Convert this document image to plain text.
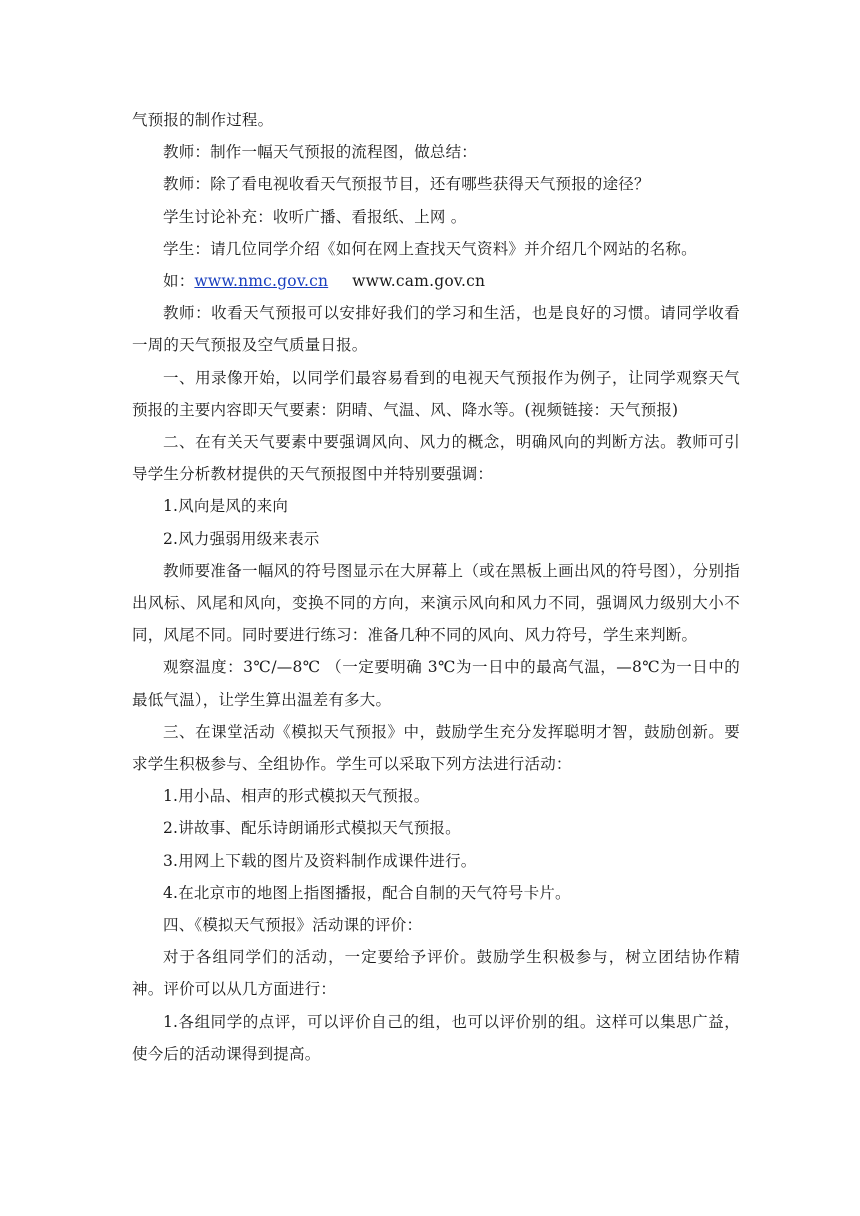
气预报的制作过程。

教师：制作一幅天气预报的流程图，做总结：

教师：除了看电视收看天气预报节目，还有哪些获得天气预报的途径？

学生讨论补充：收听广播、看报纸、上网 。

学生：请几位同学介绍《如何在网上查找天气资料》并介绍几个网站的名称。

如：www.nmc.gov.cn www.cam.gov.cn

教师：收看天气预报可以安排好我们的学习和生活，也是良好的习惯。请同学收看一周的天气预报及空气质量日报。

一、用录像开始，以同学们最容易看到的电视天气预报作为例子，让同学观察天气预报的主要内容即天气要素：阴晴、气温、风、降水等。(视频链接：天气预报)

二、在有关天气要素中要强调风向、风力的概念，明确风向的判断方法。教师可引导学生分析教材提供的天气预报图中并特别要强调：

1.风向是风的来向

2.风力强弱用级来表示

教师要准备一幅风的符号图显示在大屏幕上（或在黑板上画出风的符号图），分别指出风标、风尾和风向，变换不同的方向，来演示风向和风力不同，强调风力级别大小不同，风尾不同。同时要进行练习：准备几种不同的风向、风力符号，学生来判断。

观察温度：3℃/—8℃ （一定要明确 3℃为一日中的最高气温，—8℃为一日中的最低气温），让学生算出温差有多大。

三、在课堂活动《模拟天气预报》中，鼓励学生充分发挥聪明才智，鼓励创新。要求学生积极参与、全组协作。学生可以采取下列方法进行活动：

1.用小品、相声的形式模拟天气预报。

2.讲故事、配乐诗朗诵形式模拟天气预报。

3.用网上下载的图片及资料制作成课件进行。

4.在北京市的地图上指图播报，配合自制的天气符号卡片。

四、《模拟天气预报》活动课的评价：

对于各组同学们的活动，一定要给予评价。鼓励学生积极参与，树立团结协作精神。评价可以从几方面进行：

1.各组同学的点评，可以评价自己的组，也可以评价别的组。这样可以集思广益，使今后的活动课得到提高。
